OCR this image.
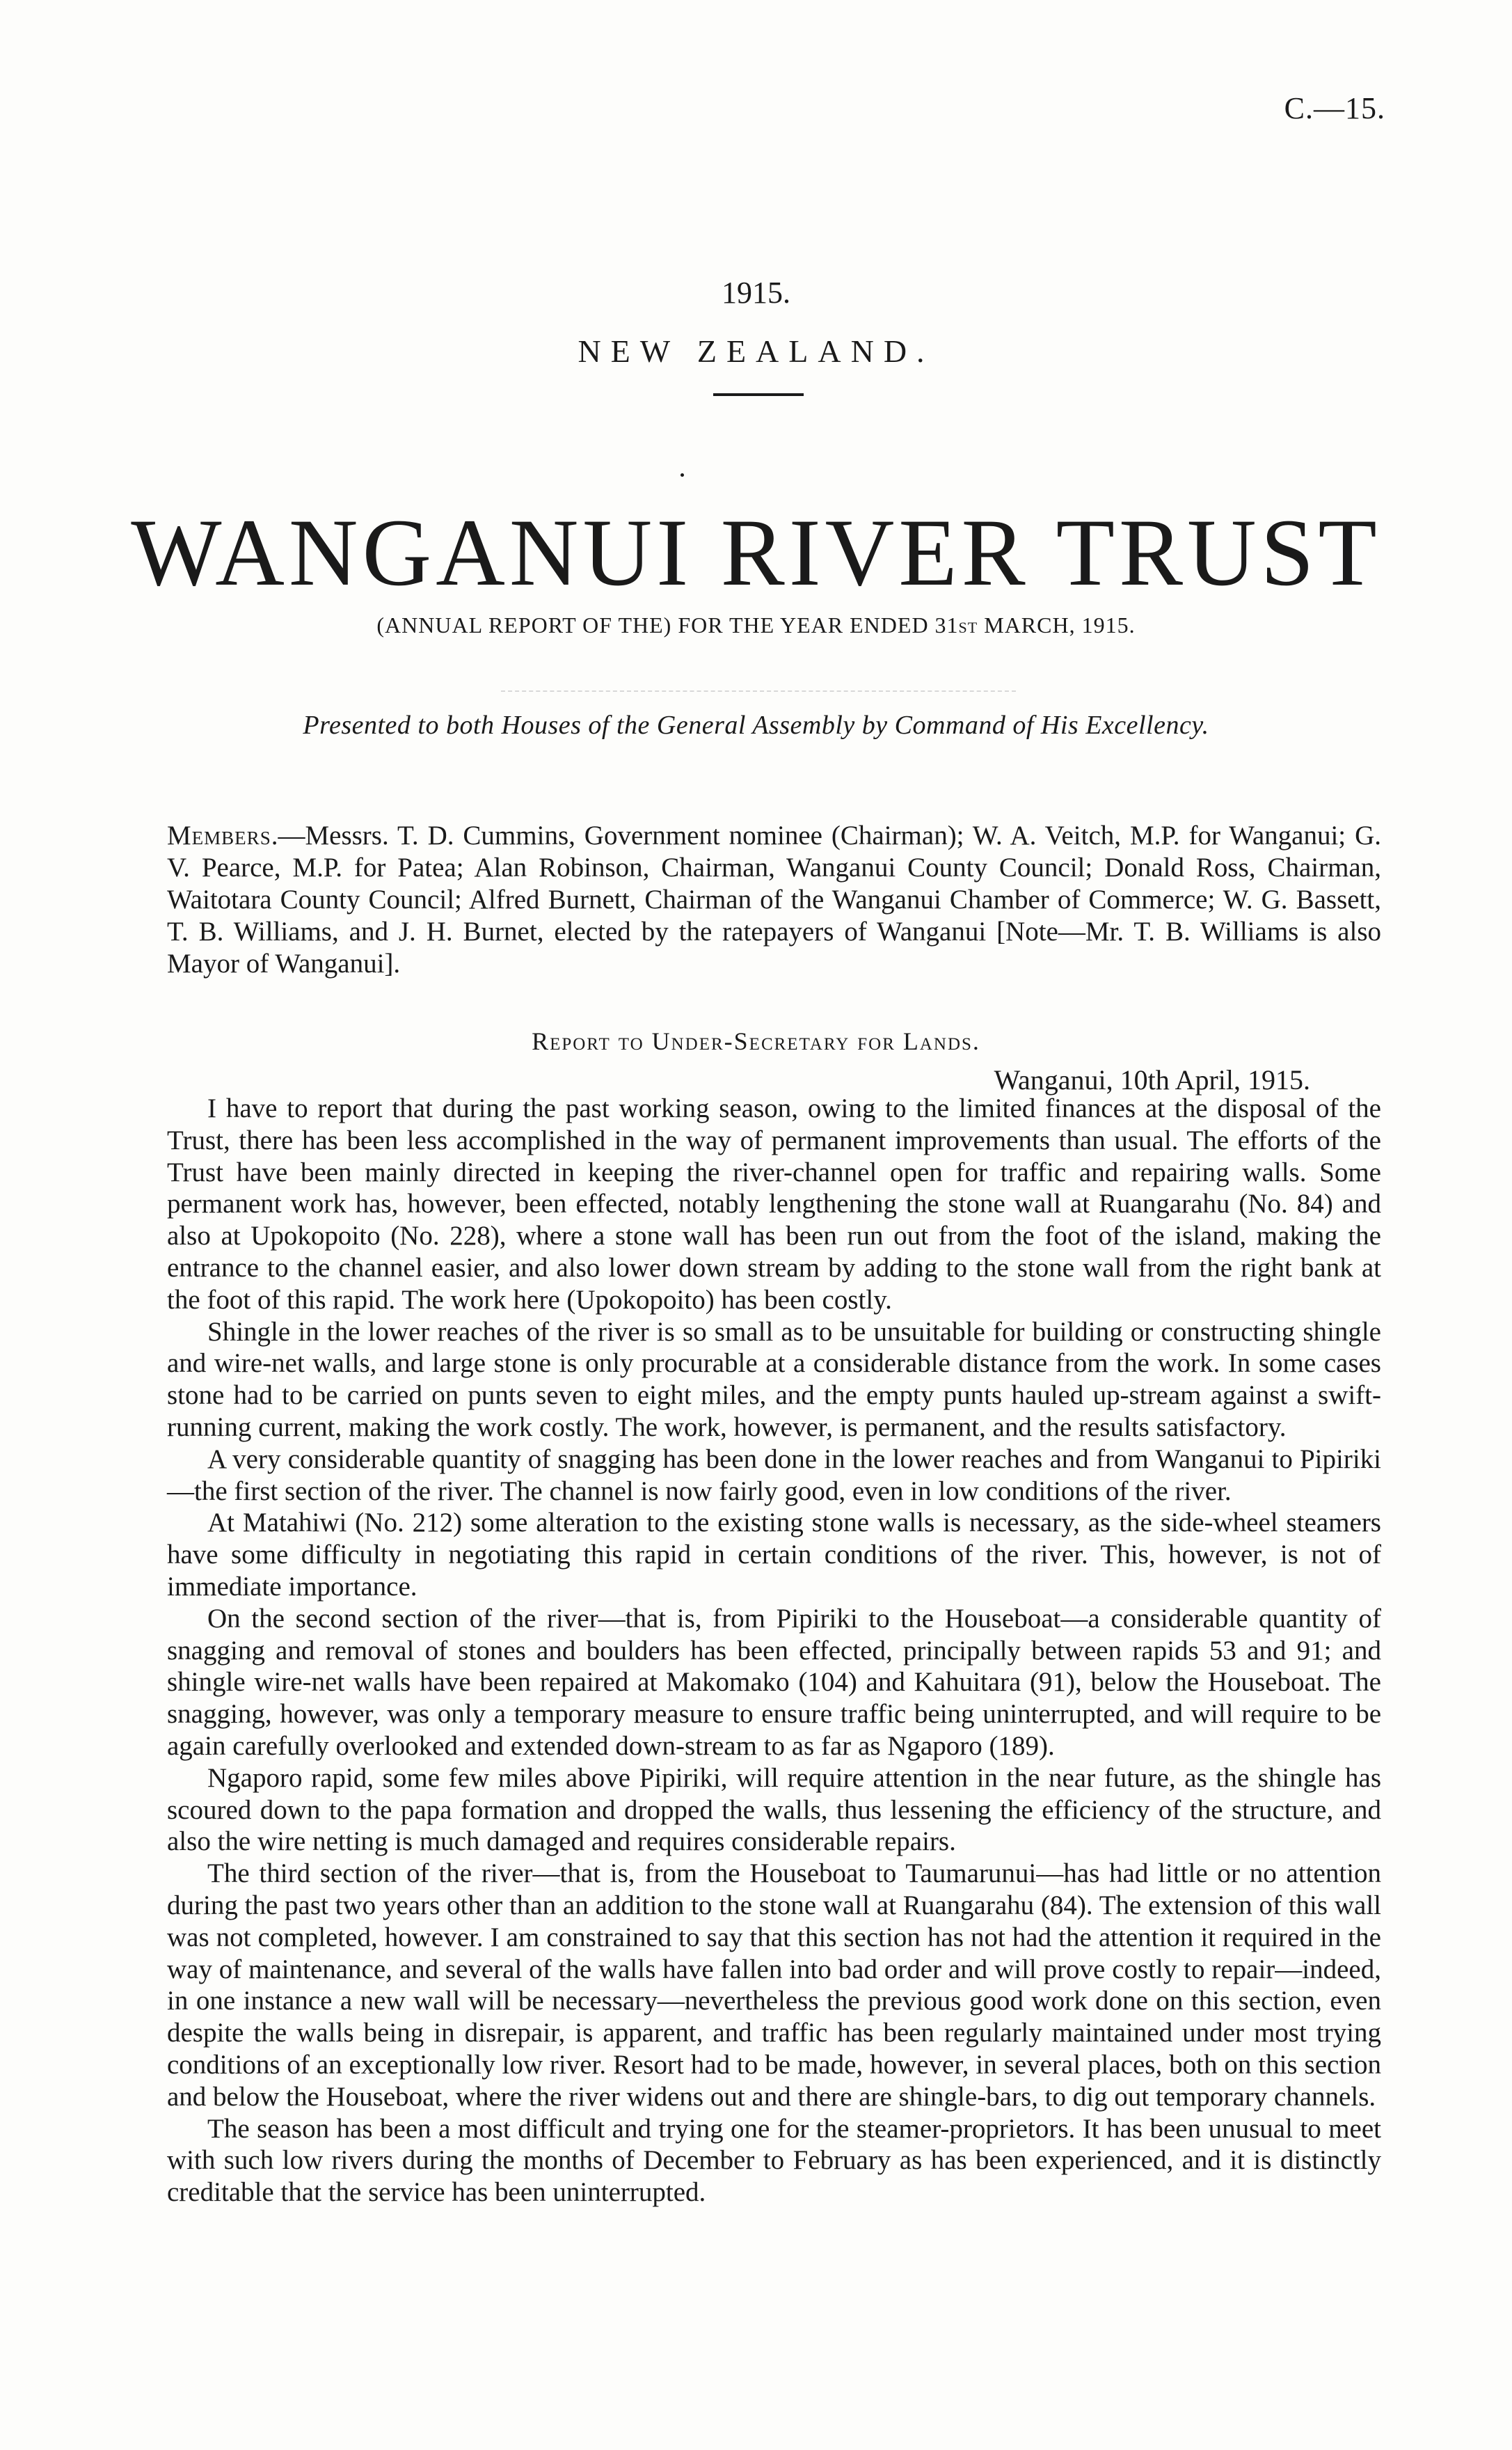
C.—15.
1915.
NEW ZEALAND.
WANGANUI RIVER TRUST
(ANNUAL REPORT OF THE) FOR THE YEAR ENDED 31ST MARCH, 1915.
Presented to both Houses of the General Assembly by Command of His Excellency.
Members.—Messrs. T. D. Cummins, Government nominee (Chairman); W. A. Veitch, M.P. for Wanganui; G. V. Pearce, M.P. for Patea; Alan Robinson, Chairman, Wanganui County Council; Donald Ross, Chairman, Waitotara County Council; Alfred Burnett, Chairman of the Wanganui Chamber of Commerce; W. G. Bassett, T. B. Williams, and J. H. Burnet, elected by the ratepayers of Wanganui [Note—Mr. T. B. Williams is also Mayor of Wanganui].
Report to Under-Secretary for Lands.
Wanganui, 10th April, 1915.

I have to report that during the past working season, owing to the limited finances at the disposal of the Trust, there has been less accomplished in the way of permanent improvements than usual. The efforts of the Trust have been mainly directed in keeping the river-channel open for traffic and repairing walls. Some permanent work has, however, been effected, notably lengthening the stone wall at Ruangarahu (No. 84) and also at Upokopoito (No. 228), where a stone wall has been run out from the foot of the island, making the entrance to the channel easier, and also lower down stream by adding to the stone wall from the right bank at the foot of this rapid. The work here (Upokopoito) has been costly.

Shingle in the lower reaches of the river is so small as to be unsuitable for building or constructing shingle and wire-net walls, and large stone is only procurable at a considerable distance from the work. In some cases stone had to be carried on punts seven to eight miles, and the empty punts hauled up-stream against a swift-running current, making the work costly. The work, however, is permanent, and the results satisfactory.

A very considerable quantity of snagging has been done in the lower reaches and from Wanganui to Pipiriki—the first section of the river. The channel is now fairly good, even in low conditions of the river.

At Matahiwi (No. 212) some alteration to the existing stone walls is necessary, as the side-wheel steamers have some difficulty in negotiating this rapid in certain conditions of the river. This, however, is not of immediate importance.

On the second section of the river—that is, from Pipiriki to the Houseboat—a considerable quantity of snagging and removal of stones and boulders has been effected, principally between rapids 53 and 91; and shingle wire-net walls have been repaired at Makomako (104) and Kahuitara (91), below the Houseboat. The snagging, however, was only a temporary measure to ensure traffic being uninterrupted, and will require to be again carefully overlooked and extended down-stream to as far as Ngaporo (189).

Ngaporo rapid, some few miles above Pipiriki, will require attention in the near future, as the shingle has scoured down to the papa formation and dropped the walls, thus lessening the efficiency of the structure, and also the wire netting is much damaged and requires considerable repairs.

The third section of the river—that is, from the Houseboat to Taumarunui—has had little or no attention during the past two years other than an addition to the stone wall at Ruangarahu (84). The extension of this wall was not completed, however. I am constrained to say that this section has not had the attention it required in the way of maintenance, and several of the walls have fallen into bad order and will prove costly to repair—indeed, in one instance a new wall will be necessary—nevertheless the previous good work done on this section, even despite the walls being in disrepair, is apparent, and traffic has been regularly maintained under most trying conditions of an exceptionally low river. Resort had to be made, however, in several places, both on this section and below the Houseboat, where the river widens out and there are shingle-bars, to dig out temporary channels.

The season has been a most difficult and trying one for the steamer-proprietors. It has been unusual to meet with such low rivers during the months of December to February as has been experienced, and it is distinctly creditable that the service has been uninterrupted.
